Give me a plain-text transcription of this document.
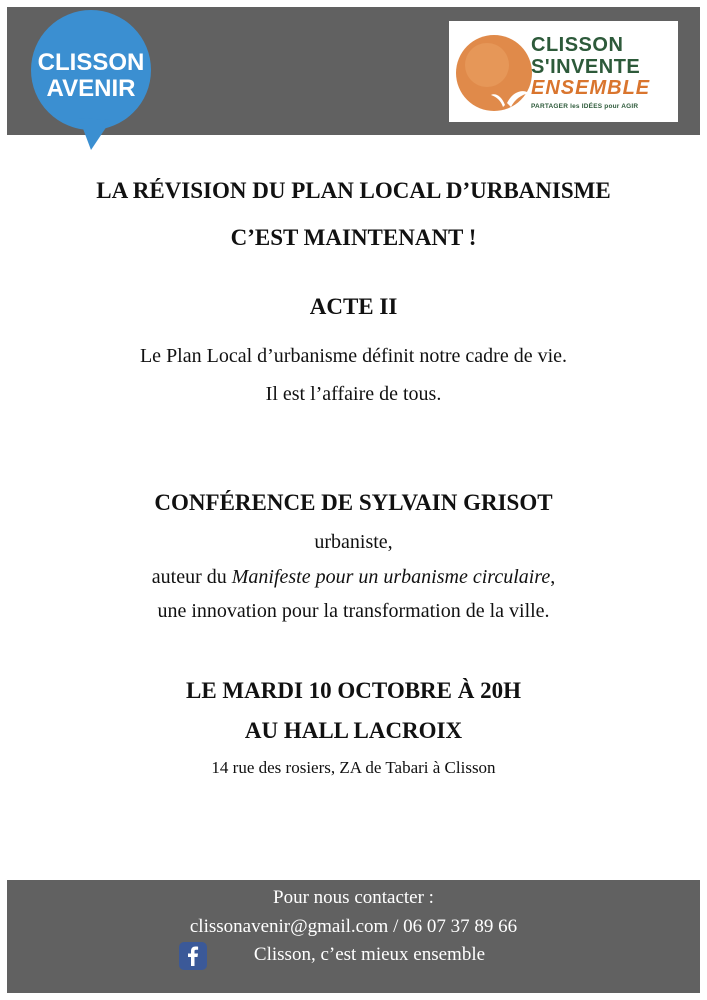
CLISSON
AVENIR
CLISSON
S'INVENTE
ENSEMBLE
PARTAGER les IDÉES pour AGIR

LA RÉVISION DU PLAN LOCAL D’URBANISME

C’EST MAINTENANT !

ACTE II

Le Plan Local d’urbanisme définit notre cadre de vie.

Il est l’affaire de tous.

CONFÉRENCE DE SYLVAIN GRISOT

urbaniste,

auteur du Manifeste pour un urbanisme circulaire,

une innovation pour la transformation de la ville.

LE MARDI 10 OCTOBRE À 20H

AU HALL LACROIX

14 rue des rosiers, ZA de Tabari à Clisson

Pour nous contacter :
clissonavenir@gmail.com / 06 07 37 89 66
Clisson, c’est mieux ensemble
